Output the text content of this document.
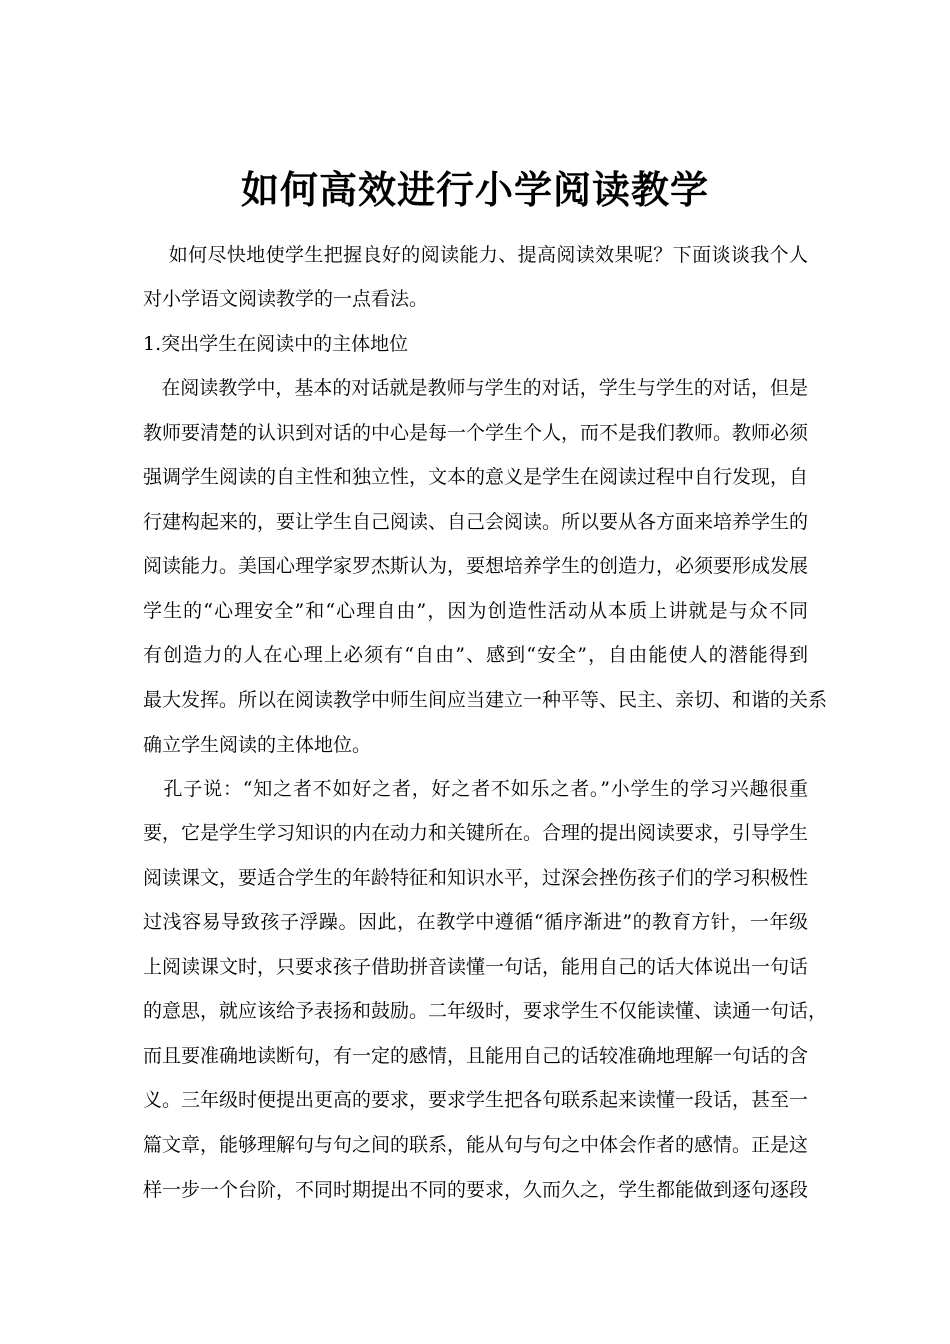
如何高效进行小学阅读教学
如何尽快地使学生把握良好的阅读能力、提高阅读效果呢？下面谈谈我个人
对小学语文阅读教学的一点看法。
1.突出学生在阅读中的主体地位
在阅读教学中，基本的对话就是教师与学生的对话，学生与学生的对话，但是
教师要清楚的认识到对话的中心是每一个学生个人，而不是我们教师。教师必须
强调学生阅读的自主性和独立性，文本的意义是学生在阅读过程中自行发现，自
行建构起来的，要让学生自己阅读、自己会阅读。所以要从各方面来培养学生的
阅读能力。美国心理学家罗杰斯认为，要想培养学生的创造力，必须要形成发展
学生的“心理安全”和“心理自由”，因为创造性活动从本质上讲就是与众不同
有创造力的人在心理上必须有“自由”、感到“安全”，自由能使人的潜能得到
最大发挥。所以在阅读教学中师生间应当建立一种平等、民主、亲切、和谐的关系
确立学生阅读的主体地位。
孔子说：“知之者不如好之者，好之者不如乐之者。”小学生的学习兴趣很重
要，它是学生学习知识的内在动力和关键所在。合理的提出阅读要求，引导学生
阅读课文，要适合学生的年龄特征和知识水平，过深会挫伤孩子们的学习积极性
过浅容易导致孩子浮躁。因此，在教学中遵循“循序渐进”的教育方针，一年级
上阅读课文时，只要求孩子借助拼音读懂一句话，能用自己的话大体说出一句话
的意思，就应该给予表扬和鼓励。二年级时，要求学生不仅能读懂、读通一句话，
而且要准确地读断句，有一定的感情，且能用自己的话较准确地理解一句话的含
义。三年级时便提出更高的要求，要求学生把各句联系起来读懂一段话，甚至一
篇文章，能够理解句与句之间的联系，能从句与句之中体会作者的感情。正是这
样一步一个台阶，不同时期提出不同的要求，久而久之，学生都能做到逐句逐段
